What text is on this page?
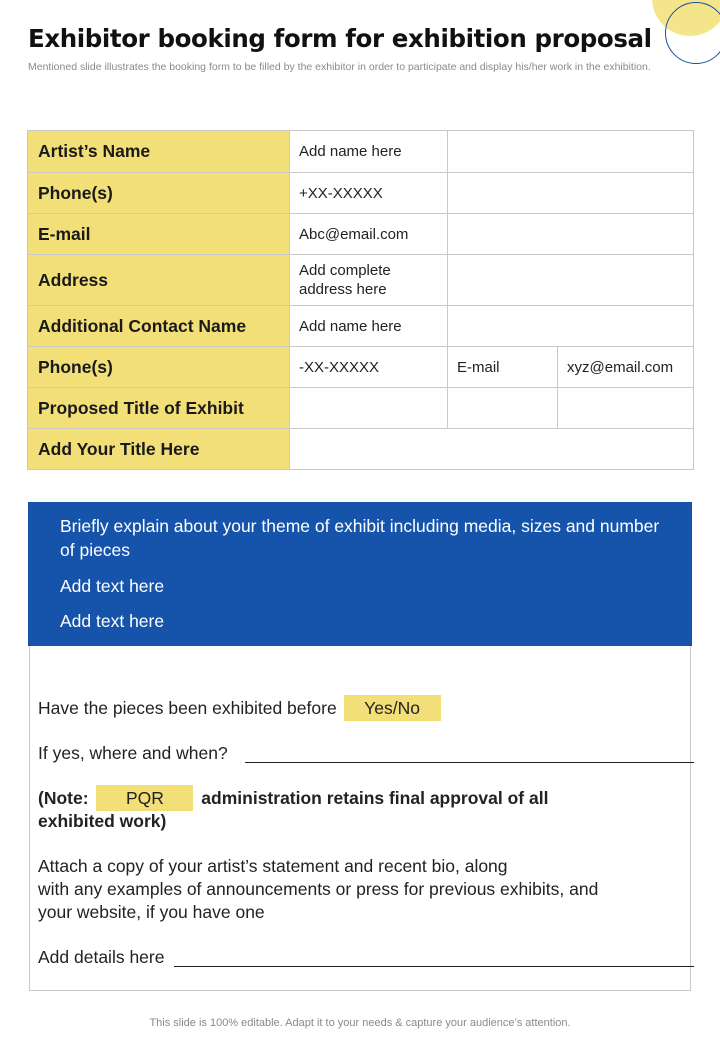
Exhibitor booking form for exhibition proposal

Mentioned slide illustrates the booking form to be filled by the exhibitor in order to participate and display his/her work in the exhibition.

Artist’s Name	Add name here		
Phone(s)	+XX-XXXXX		
E-mail	Abc@email.com		
Address	Add complete address here		
Additional Contact Name	Add name here		
Phone(s)	-XX-XXXXX	E-mail	xyz@email.com
Proposed Title of Exhibit			
Add Your Title Here			
Briefly explain about your theme of exhibit including media, sizes and number of pieces
Add text here
Add text here
Have the pieces been exhibited before Yes/No
If yes, where and when?
(Note: PQR administration retains final approval of all
exhibited work)
Attach a copy of your artist’s statement and recent bio, along
with any examples of announcements or press for previous exhibits, and
your website, if you have one
Add details here
This slide is 100% editable. Adapt it to your needs & capture your audience’s attention.
